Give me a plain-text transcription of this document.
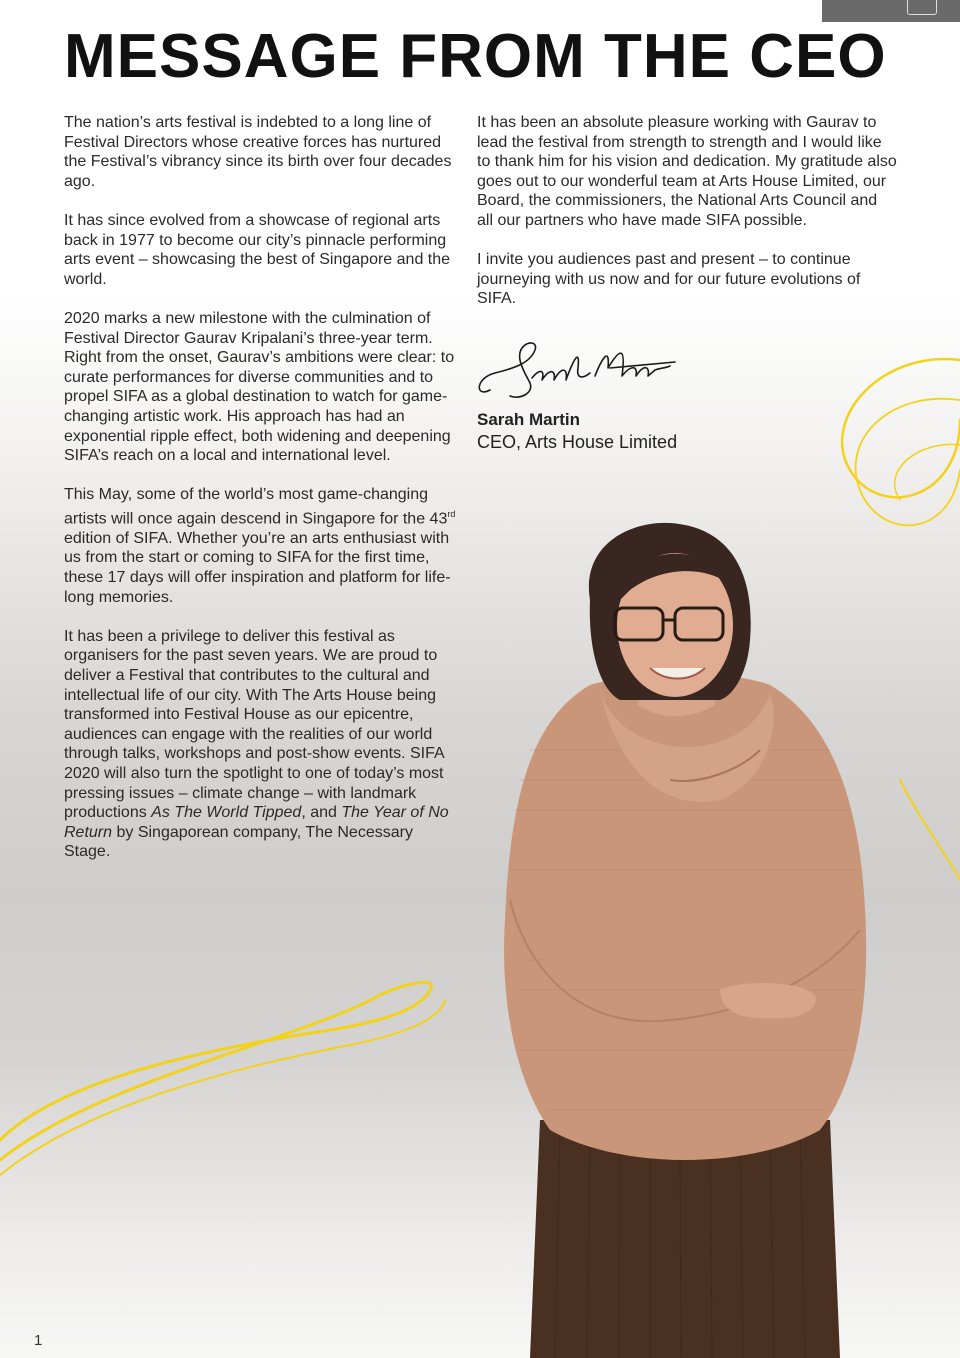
MESSAGE FROM THE CEO

The nation’s arts festival is indebted to a long line of Festival Directors whose creative forces has nurtured the Festival’s vibrancy since its birth over four decades ago.

It has since evolved from a showcase of regional arts back in 1977 to become our city’s pinnacle performing arts event – showcasing the best of Singapore and the world.

2020 marks a new milestone with the culmination of Festival Director Gaurav Kripalani’s three-year term. Right from the onset, Gaurav’s ambitions were clear: to curate performances for diverse communities and to propel SIFA as a global destination to watch for game-changing artistic work. His approach has had an exponential ripple effect, both widening and deepening SIFA’s reach on a local and international level.

This May, some of the world’s most game-changing artists will once again descend in Singapore for the 43rd edition of SIFA. Whether you’re an arts enthusiast with us from the start or coming to SIFA for the first time, these 17 days will offer inspiration and platform for life-long memories.

It has been a privilege to deliver this festival as organisers for the past seven years. We are proud to deliver a Festival that contributes to the cultural and intellectual life of our city. With The Arts House being transformed into Festival House as our epicentre, audiences can engage with the realities of our world through talks, workshops and post-show events. SIFA 2020 will also turn the spotlight to one of today’s most pressing issues – climate change – with landmark productions As The World Tipped, and The Year of No Return by Singaporean company, The Necessary Stage.

It has been an absolute pleasure working with Gaurav to lead the festival from strength to strength and I would like to thank him for his vision and dedication. My gratitude also goes out to our wonderful team at Arts House Limited, our Board, the commissioners, the National Arts Council and all our partners who have made SIFA possible.

I invite you audiences past and present – to continue journeying with us now and for our future evolutions of SIFA.

Sarah Martin
CEO, Arts House Limited
1
